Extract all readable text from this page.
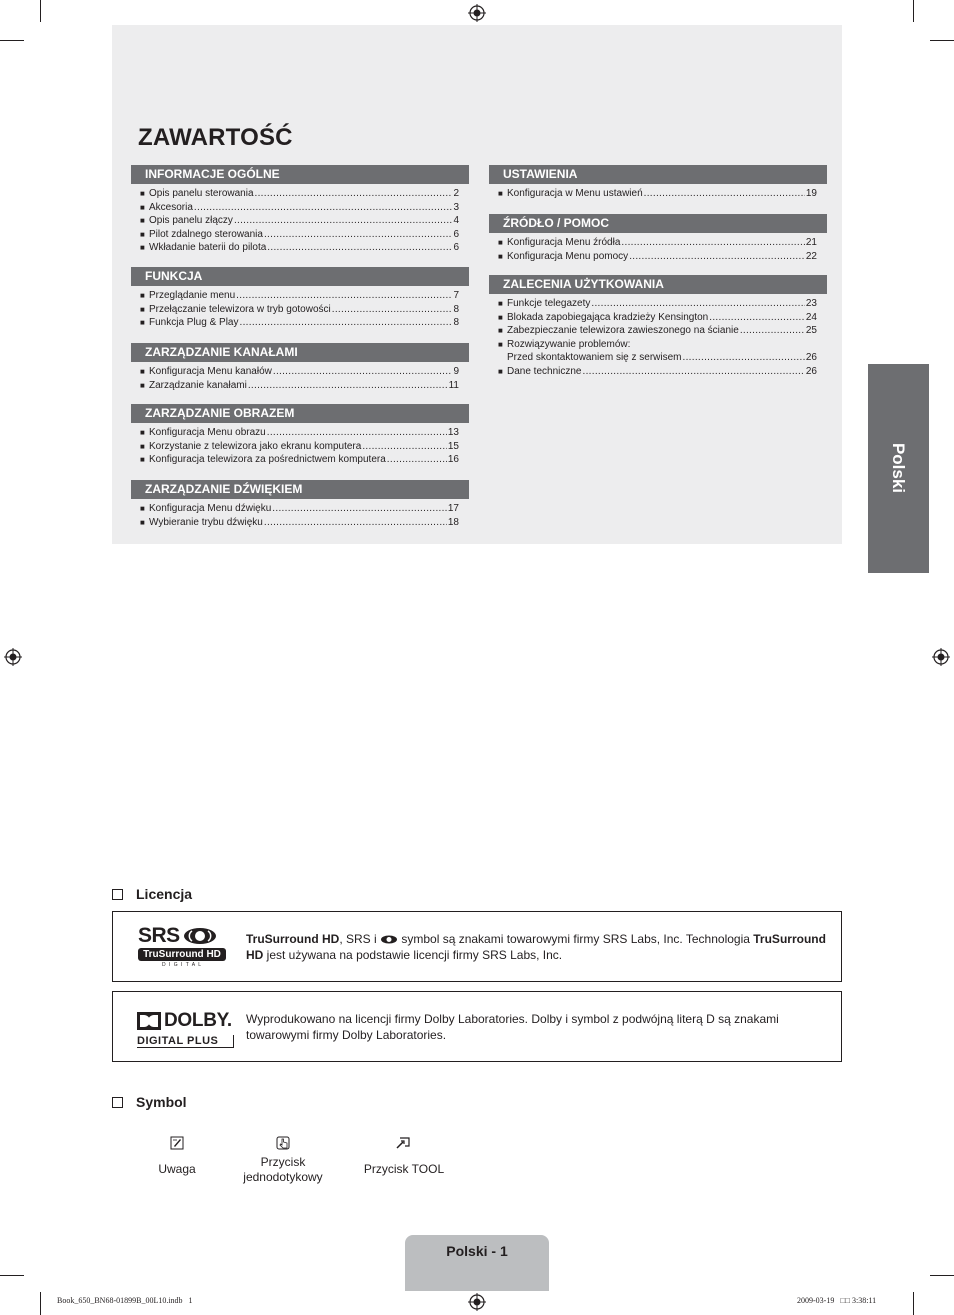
ZAWARTOŚĆ
INFORMACJE OGÓLNE
■ Opis panelu sterowania .....	2
■ Akcesoria .....	3
■ Opis panelu złączy .....	4
■ Pilot zdalnego sterowania .....	6
■ Wkładanie baterii do pilota .....	6
FUNKCJA
■ Przeglądanie menu .....	7
■ Przełączanie telewizora w tryb gotowości .....	8
■ Funkcja Plug & Play .....	8
ZARZĄDZANIE KANAŁAMI
■ Konfiguracja Menu kanałów .....	9
■ Zarządzanie kanałami .....	11
ZARZĄDZANIE OBRAZEM
■ Konfiguracja Menu obrazu .....	13
■ Korzystanie z telewizora jako ekranu komputera .....	15
■ Konfiguracja telewizora za pośrednictwem komputera .....	16
ZARZĄDZANIE DŹWIĘKIEM
■ Konfiguracja Menu dźwięku .....	17
■ Wybieranie trybu dźwięku .....	18
USTAWIENIA
■ Konfiguracja w Menu ustawień .....	19
ŹRÓDŁO / POMOC
■ Konfiguracja Menu źródła .....	21
■ Konfiguracja Menu pomocy .....	22
ZALECENIA UŻYTKOWANIA
■ Funkcje telegazety .....	23
■ Blokada zapobiegająca kradzieży Kensington .....	24
■ Zabezpieczanie telewizora zawieszonego na ścianie .....	25
■ Rozwiązywanie problemów:
Przed skontaktowaniem się z serwisem .....	26
■ Dane techniczne .....	26
Polski
Licencja
SRS
TruSurround HD
D I G I T A L
TruSurround HD, SRS i  symbol są znakami towarowymi firmy SRS Labs, Inc. Technologia TruSurround HD jest używana na podstawie licencji firmy SRS Labs, Inc.
DOLBY.
DIGITAL PLUS
Wyprodukowano na licencji firmy Dolby Laboratories. Dolby i symbol z podwójną literą D są znakami towarowymi firmy Dolby Laboratories.
Symbol
Uwaga	Przycisk
jednodotykowy
Przycisk TOOL
Polski - 1
Book_650_BN68-01899B_00L10.indb   1	2009-03-19   □□ 3:38:11
